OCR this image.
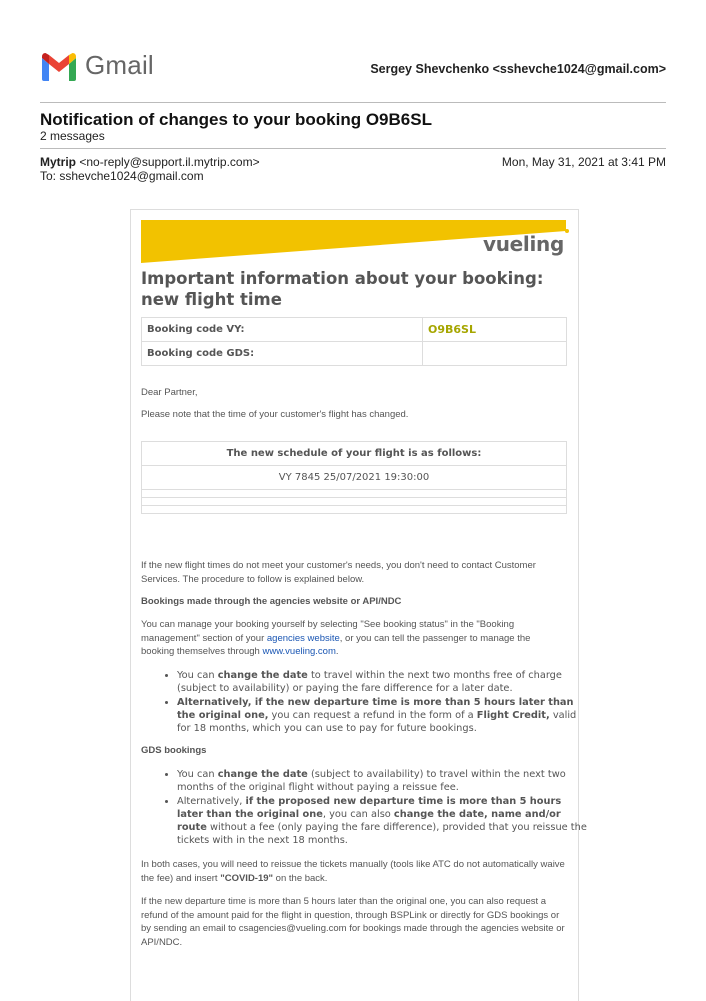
Gmail	Sergey Shevchenko <sshevche1024@gmail.com>
Notification of changes to your booking O9B6SL
2 messages
Mytrip <no-reply@support.il.mytrip.com>	Mon, May 31, 2021 at 3:41 PM
To: sshevche1024@gmail.com
vueling
Important information about your booking:
new flight time
Booking code VY:	O9B6SL
Booking code GDS:	
Dear Partner,
Please note that the time of your customer's flight has changed.
The new schedule of your flight is as follows:
VY 7845 25/07/2021 19:30:00

If the new flight times do not meet your customer's needs, you don't need to contact Customer Services. The procedure to follow is explained below.
Bookings made through the agencies website or API/NDC
You can manage your booking yourself by selecting "See booking status" in the "Booking management" section of your agencies website, or you can tell the passenger to manage the booking themselves through www.vueling.com.
• You can change the date to travel within the next two months free of charge (subject to availability) or paying the fare difference for a later date.
• Alternatively, if the new departure time is more than 5 hours later than the original one, you can request a refund in the form of a Flight Credit, valid for 18 months, which you can use to pay for future bookings.
GDS bookings
• You can change the date (subject to availability) to travel within the next two months of the original flight without paying a reissue fee.
• Alternatively, if the proposed new departure time is more than 5 hours later than the original one, you can also change the date, name and/or route without a fee (only paying the fare difference), provided that you reissue the tickets with in the next 18 months.
In both cases, you will need to reissue the tickets manually (tools like ATC do not automatically waive the fee) and insert "COVID-19" on the back.
If the new departure time is more than 5 hours later than the original one, you can also request a refund of the amount paid for the flight in question, through BSPLink or directly for GDS bookings or by sending an email to csagencies@vueling.com for bookings made through the agencies website or API/NDC.
